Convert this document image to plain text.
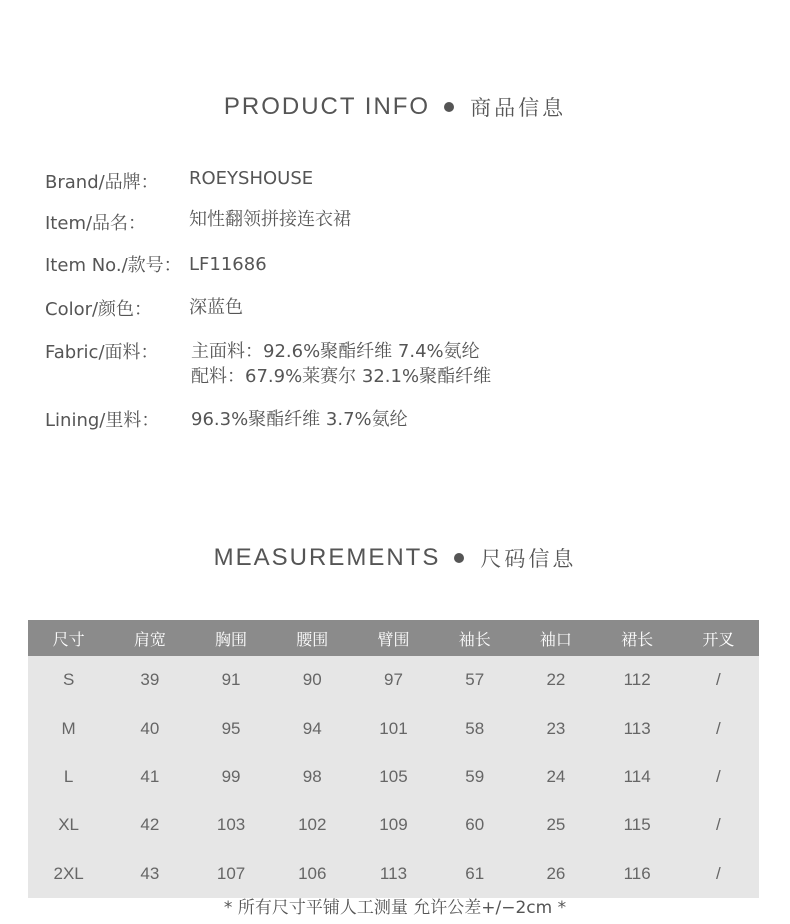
PRODUCT INFO 商品信息
Brand/品牌： ROEYSHOUSE
Item/品名： 知性翻领拼接连衣裙
Item No./款号： LF11686
Color/颜色： 深蓝色
Fabric/面料： 主面料：92.6%聚酯纤维 7.4%氨纶
配料：67.9%莱赛尔 32.1%聚酯纤维
Lining/里料： 96.3%聚酯纤维 3.7%氨纶
MEASUREMENTS 尺码信息
尺寸	肩宽	胸围	腰围	臂围	袖长	袖口	裙长	开叉
S	39	91	90	97	57	22	112	/
M	40	95	94	101	58	23	113	/
L	41	99	98	105	59	24	114	/
XL	42	103	102	109	60	25	115	/
2XL	43	107	106	113	61	26	116	/
* 所有尺寸平铺人工测量 允许公差+/−2cm *
